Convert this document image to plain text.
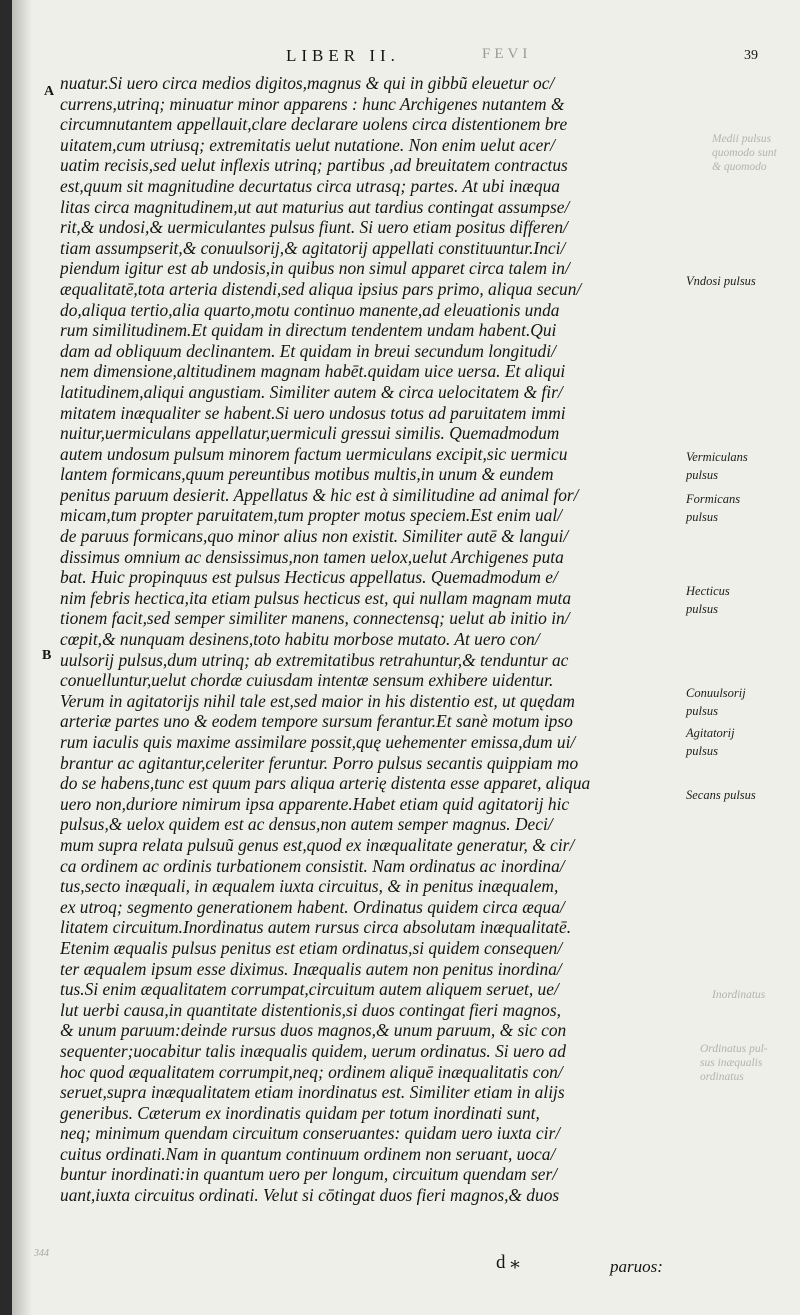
LIBER II.	FEVI	39
A
B
nuatur.Si uero circa medios digitos,magnus & qui in gibbũ eleuetur oc/
currens,utrinq; minuatur minor apparens : hunc Archigenes nutantem &
circumnutantem appellauit,clare declarare uolens circa distentionem bre
uitatem,cum utriusq; extremitatis uelut nutatione. Non enim uelut acer/
uatim recisis,sed uelut inflexis utrinq; partibus ,ad breuitatem contractus
est,quum sit magnitudine decurtatus circa utrasq; partes. At ubi inæqua
litas circa magnitudinem,ut aut maturius aut tardius contingat assumpse/
rit,& undosi,& uermiculantes pulsus fiunt. Si uero etiam positus differen/
tiam assumpserit,& conuulsorij,& agitatorij appellati constituuntur.Inci/
piendum igitur est ab undosis,in quibus non simul apparet circa talem in/
æqualitatē,tota arteria distendi,sed aliqua ipsius pars primo, aliqua secun/
do,aliqua tertio,alia quarto,motu continuo manente,ad eleuationis unda
rum similitudinem.Et quidam in directum tendentem undam habent.Qui
dam ad obliquum declinantem. Et quidam in breui secundum longitudi/
nem dimensione,altitudinem magnam habēt.quidam uice uersa. Et aliqui
latitudinem,aliqui angustiam. Similiter autem & circa uelocitatem & fir/
mitatem inæqualiter se habent.Si uero undosus totus ad paruitatem immi
nuitur,uermiculans appellatur,uermiculi gressui similis. Quemadmodum
autem undosum pulsum minorem factum uermiculans excipit,sic uermicu
lantem formicans,quum pereuntibus motibus multis,in unum & eundem
penitus paruum desierit. Appellatus & hic est à similitudine ad animal for/
micam,tum propter paruitatem,tum propter motus speciem.Est enim ual/
de paruus formicans,quo minor alius non existit. Similiter autē & langui/
dissimus omnium ac densissimus,non tamen uelox,uelut Archigenes puta
bat. Huic propinquus est pulsus Hecticus appellatus. Quemadmodum e/
nim febris hectica,ita etiam pulsus hecticus est, qui nullam magnam muta
tionem facit,sed semper similiter manens, connectensq; uelut ab initio in/
cœpit,& nunquam desinens,toto habitu morbose mutato. At uero con/
uulsorij pulsus,dum utrinq; ab extremitatibus retrahuntur,& tenduntur ac
conuelluntur,uelut chordæ cuiusdam intentæ sensum exhibere uidentur.
Verum in agitatorijs nihil tale est,sed maior in his distentio est, ut quędam
arteriæ partes uno & eodem tempore sursum ferantur.Et sanè motum ipso
rum iaculis quis maxime assimilare possit,quę uehementer emissa,dum ui/
brantur ac agitantur,celeriter feruntur. Porro pulsus secantis quippiam mo
do se habens,tunc est quum pars aliqua arterię distenta esse apparet, aliqua
uero non,duriore nimirum ipsa apparente.Habet etiam quid agitatorij hic
pulsus,& uelox quidem est ac densus,non autem semper magnus. Deci/
mum supra relata pulsuũ genus est,quod ex inæqualitate generatur, & cir/
ca ordinem ac ordinis turbationem consistit. Nam ordinatus ac inordina/
tus,secto inæquali, in æqualem iuxta circuitus, & in penitus inæqualem,
ex utroq; segmento generationem habent. Ordinatus quidem circa æqua/
litatem circuitum.Inordinatus autem rursus circa absolutam inæqualitatē.
Etenim æqualis pulsus penitus est etiam ordinatus,si quidem consequen/
ter æqualem ipsum esse diximus. Inæqualis autem non penitus inordina/
tus.Si enim æqualitatem corrumpat,circuitum autem aliquem seruet, ue/
lut uerbi causa,in quantitate distentionis,si duos contingat fieri magnos,
& unum paruum:deinde rursus duos magnos,& unum paruum, & sic con
sequenter;uocabitur talis inæqualis quidem, uerum ordinatus. Si uero ad
hoc quod æqualitatem corrumpit,neq; ordinem aliquē inæqualitatis con/
seruet,supra inæqualitatem etiam inordinatus est. Similiter etiam in alijs
generibus. Cæterum ex inordinatis quidam per totum inordinati sunt,
neq; minimum quendam circuitum conseruantes: quidam uero iuxta cir/
cuitus ordinati.Nam in quantum continuum ordinem non seruant, uoca/
buntur inordinati:in quantum uero per longum, circuitum quendam ser/
uant,iuxta circuitus ordinati. Velut si cōtingat duos fieri magnos,& duos
Vndosi pulsus
Vermiculans
pulsus
Formicans
pulsus
Hecticus
pulsus
Conuulsorij
pulsus
Agitatorij
pulsus
Secans pulsus
d ⁎	paruos:
344
Medii pulsus
quomodo sunt
& quomodo
Inordinatus
Ordinatus pul-
sus inæqualis
ordinatus
